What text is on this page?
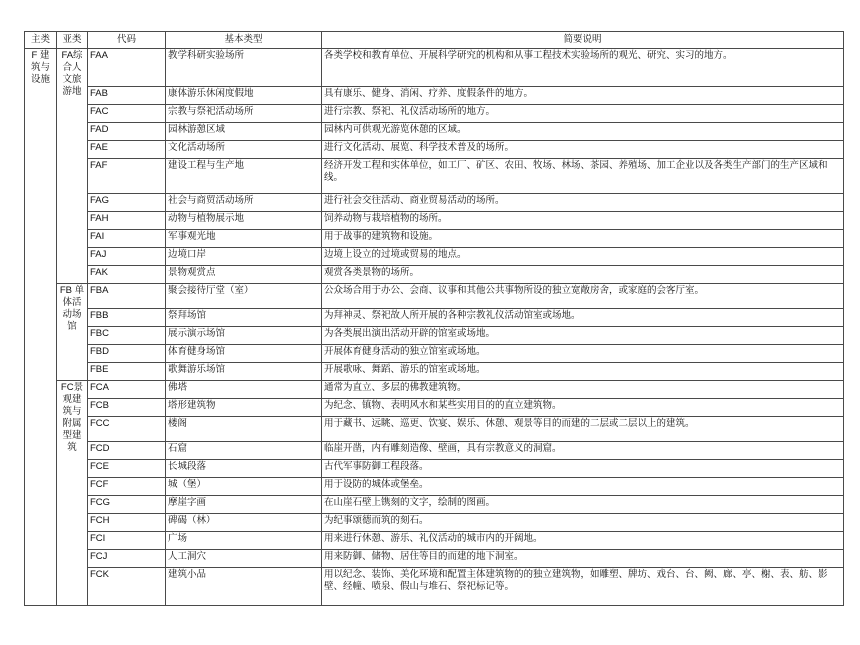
主类	亚类	代码	基本类型	简要说明
F 建筑与设施	FA综合人文旅游地	FAA	教学科研实验场所	各类学校和教育单位、开展科学研究的机构和从事工程技术实验场所的观光、研究、实习的地方。
		FAB	康体游乐休闲度假地	具有康乐、健身、消闲、疗养、度假条件的地方。
		FAC	宗教与祭祀活动场所	进行宗教、祭祀、礼仪活动场所的地方。
		FAD	园林游憩区域	园林内可供观光游览休憩的区域。
		FAE	文化活动场所	进行文化活动、展览、科学技术普及的场所。
		FAF	建设工程与生产地	经济开发工程和实体单位，如工厂、矿区、农田、牧场、林场、茶园、养殖场、加工企业以及各类生产部门的生产区域和线。
		FAG	社会与商贸活动场所	进行社会交往活动、商业贸易活动的场所。
		FAH	动物与植物展示地	饲养动物与栽培植物的场所。
		FAI	军事观光地	用于战事的建筑物和设施。
		FAJ	边境口岸	边境上设立的过境或贸易的地点。
		FAK	景物观赏点	观赏各类景物的场所。
	FB 单体活动场馆	FBA	聚会接待厅堂（室）	公众场合用于办公、会商、议事和其他公共事物所设的独立宽敞房舍，或家庭的会客厅室。
		FBB	祭拜场馆	为拜神灵、祭祀故人所开展的各种宗教礼仪活动馆室或场地。
		FBC	展示演示场馆	为各类展出演出活动开辟的馆室或场地。
		FBD	体育健身场馆	开展体育健身活动的独立馆室或场地。
		FBE	歌舞游乐场馆	开展歌咏、舞蹈、游乐的馆室或场地。
	FC景观建筑与附属型建筑	FCA	佛塔	通常为直立、多层的佛教建筑物。
		FCB	塔形建筑物	为纪念、镇物、表明风水和某些实用目的的直立建筑物。
		FCC	楼阁	用于藏书、远眺、巡更、饮宴、娱乐、休憩、观景等目的而建的二层或二层以上的建筑。
		FCD	石窟	临崖开凿，内有雕刻造像、壁画，具有宗教意义的洞窟。
		FCE	长城段落	古代军事防御工程段落。
		FCF	城（堡）	用于设防的城体或堡垒。
		FCG	摩崖字画	在山崖石壁上镌刻的文字，绘制的图画。
		FCH	碑碣（林）	为纪事颂德而筑的刻石。
		FCI	广场	用来进行休憩、游乐、礼仪活动的城市内的开阔地。
		FCJ	人工洞穴	用来防御、储物、居住等目的而建的地下洞室。
		FCK	建筑小品	用以纪念、装饰、美化环境和配置主体建筑物的的独立建筑物，如雕塑、牌坊、戏台、台、阙、廊、亭、榭、表、舫、影壁、经幢、喷泉、假山与堆石、祭祀标记等。
